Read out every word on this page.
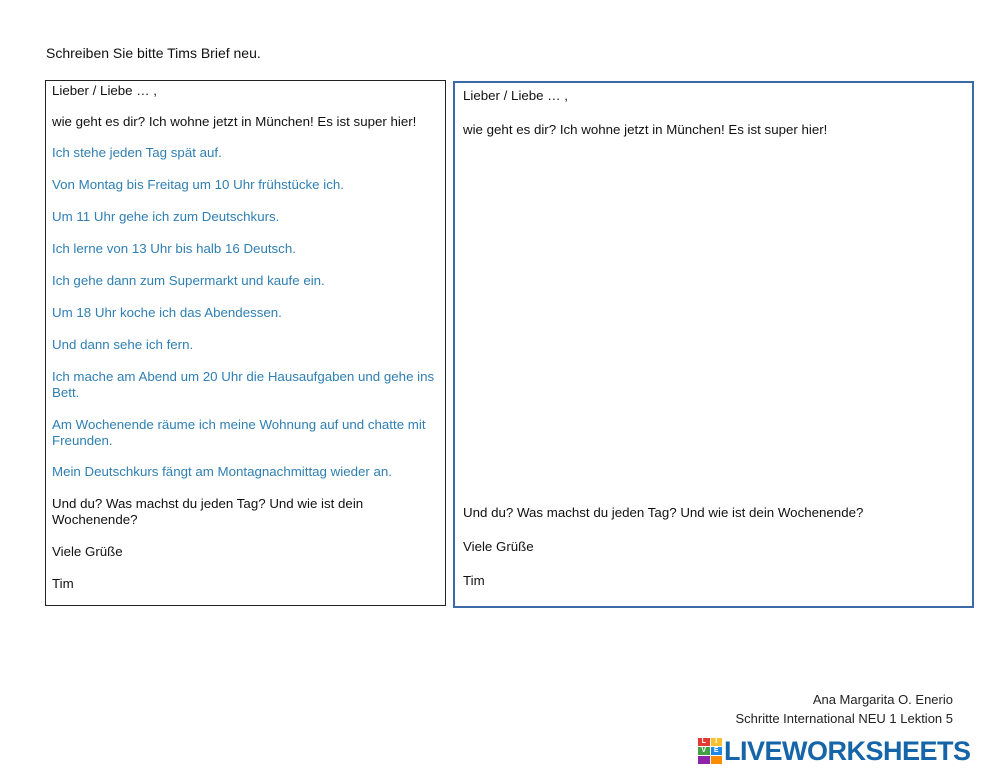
Schreiben Sie bitte Tims Brief neu.
Lieber / Liebe … ,
wie geht es dir? Ich wohne jetzt in München! Es ist super hier!
Ich stehe jeden Tag spät auf.
Von Montag bis Freitag um 10 Uhr frühstücke ich.
Um 11 Uhr gehe ich zum Deutschkurs.
Ich lerne von 13 Uhr bis halb 16 Deutsch.
Ich gehe dann zum Supermarkt und kaufe ein.
Um 18 Uhr koche ich das Abendessen.
Und dann sehe ich fern.
Ich mache am Abend um 20 Uhr die Hausaufgaben und gehe ins Bett.
Am Wochenende räume ich meine Wohnung auf und chatte mit Freunden.
Mein Deutschkurs fängt am Montagnachmittag wieder an.
Und du? Was machst du jeden Tag? Und wie ist dein Wochenende?
Viele Grüße
Tim
Lieber / Liebe … ,
wie geht es dir? Ich wohne jetzt in München! Es ist super hier!
Und du? Was machst du jeden Tag? Und wie ist dein Wochenende?
Viele Grüße
Tim
Ana Margarita O. Enerio
Schritte International NEU 1 Lektion 5
L	I
V	E LIVEWORKSHEETS
